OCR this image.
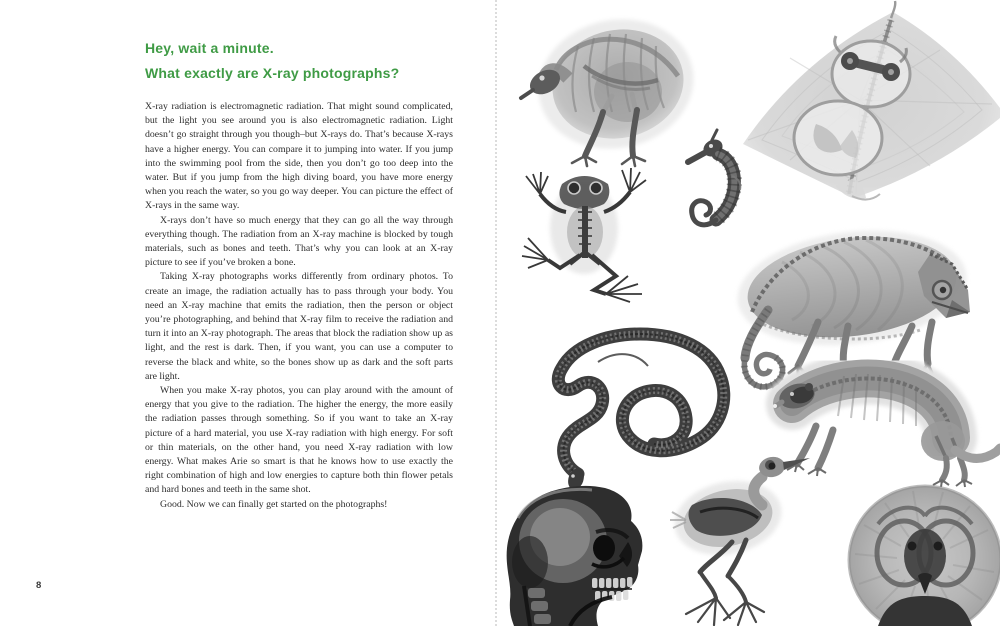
Hey, wait a minute.
What exactly are X-ray photographs?

X-ray radiation is electromagnetic radiation. That might sound complicated, but the light you see around you is also electromagnetic radiation. Light doesn’t go straight through you though–but X-rays do. That’s because X-rays have a higher energy. You can compare it to jumping into water. If you jump into the swimming pool from the side, then you don’t go too deep into the water. But if you jump from the high diving board, you have more energy when you reach the water, so you go way deeper. You can picture the effect of X-rays in the same way.

X-rays don’t have so much energy that they can go all the way through everything though. The radiation from an X-ray machine is blocked by tough materials, such as bones and teeth. That’s why you can look at an X-ray picture to see if you’ve broken a bone.

Taking X-ray photographs works differently from ordinary photos. To create an image, the radiation actually has to pass through your body. You need an X-ray machine that emits the radiation, then the person or object you’re photographing, and behind that X-ray film to receive the radiation and turn it into an X-ray photograph. The areas that block the radiation show up as light, and the rest is dark. Then, if you want, you can use a computer to reverse the black and white, so the bones show up as dark and the soft parts are light.

When you make X-ray photos, you can play around with the amount of energy that you give to the radiation. The higher the energy, the more easily the radiation passes through something. So if you want to take an X-ray picture of a hard material, you use X-ray radiation with high energy. For soft or thin materials, on the other hand, you need X-ray radiation with low energy. What makes Arie so smart is that he knows how to use exactly the right combination of high and low energies to capture both thin flower petals and hard bones and teeth in the same shot.

Good. Now we can finally get started on the photographs!

8
